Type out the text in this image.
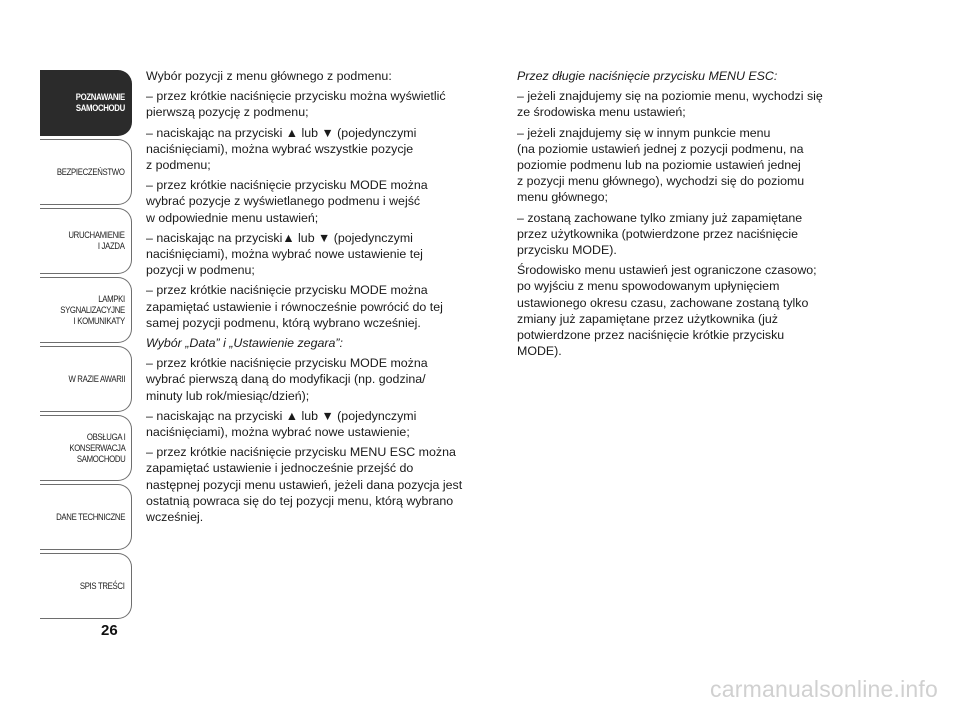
POZNAWANIE
SAMOCHODU
BEZPIECZEŃSTWO
URUCHAMIENIE
I JAZDA
LAMPKI
SYGNALIZACYJNE
I KOMUNIKATY
W RAZIE AWARII
OBSŁUGA I
KONSERWACJA
SAMOCHODU
DANE TECHNICZNE
SPIS TREŚCI
26

Wybór pozycji z menu głównego z podmenu:

– przez krótkie naciśnięcie przycisku można wyświetlić
pierwszą pozycję z podmenu;

– naciskając na przyciski ▲ lub ▼ (pojedynczymi
naciśnięciami), można wybrać wszystkie pozycje
z podmenu;

– przez krótkie naciśnięcie przycisku MODE można
wybrać pozycje z wyświetlanego podmenu i wejść
w odpowiednie menu ustawień;

– naciskając na przyciski▲ lub ▼ (pojedynczymi
naciśnięciami), można wybrać nowe ustawienie tej
pozycji w podmenu;

– przez krótkie naciśnięcie przycisku MODE można
zapamiętać ustawienie i równocześnie powrócić do tej
samej pozycji podmenu, którą wybrano wcześniej.

Wybór „Data” i „Ustawienie zegara”:

– przez krótkie naciśnięcie przycisku MODE można
wybrać pierwszą daną do modyfikacji (np. godzina/
minuty lub rok/miesiąc/dzień);

– naciskając na przyciski ▲ lub ▼ (pojedynczymi
naciśnięciami), można wybrać nowe ustawienie;

– przez krótkie naciśnięcie przycisku MENU ESC można
zapamiętać ustawienie i jednocześnie przejść do
następnej pozycji menu ustawień, jeżeli dana pozycja jest
ostatnią powraca się do tej pozycji menu, którą wybrano
wcześniej.

Przez długie naciśnięcie przycisku MENU ESC:

– jeżeli znajdujemy się na poziomie menu, wychodzi się
ze środowiska menu ustawień;

– jeżeli znajdujemy się w innym punkcie menu
(na poziomie ustawień jednej z pozycji podmenu, na
poziomie podmenu lub na poziomie ustawień jednej
z pozycji menu głównego), wychodzi się do poziomu
menu głównego;

– zostaną zachowane tylko zmiany już zapamiętane
przez użytkownika (potwierdzone przez naciśnięcie
przycisku MODE).

Środowisko menu ustawień jest ograniczone czasowo;
po wyjściu z menu spowodowanym upłynięciem
ustawionego okresu czasu, zachowane zostaną tylko
zmiany już zapamiętane przez użytkownika (już
potwierdzone przez naciśnięcie krótkie przycisku
MODE).

carmanualsonline.info
